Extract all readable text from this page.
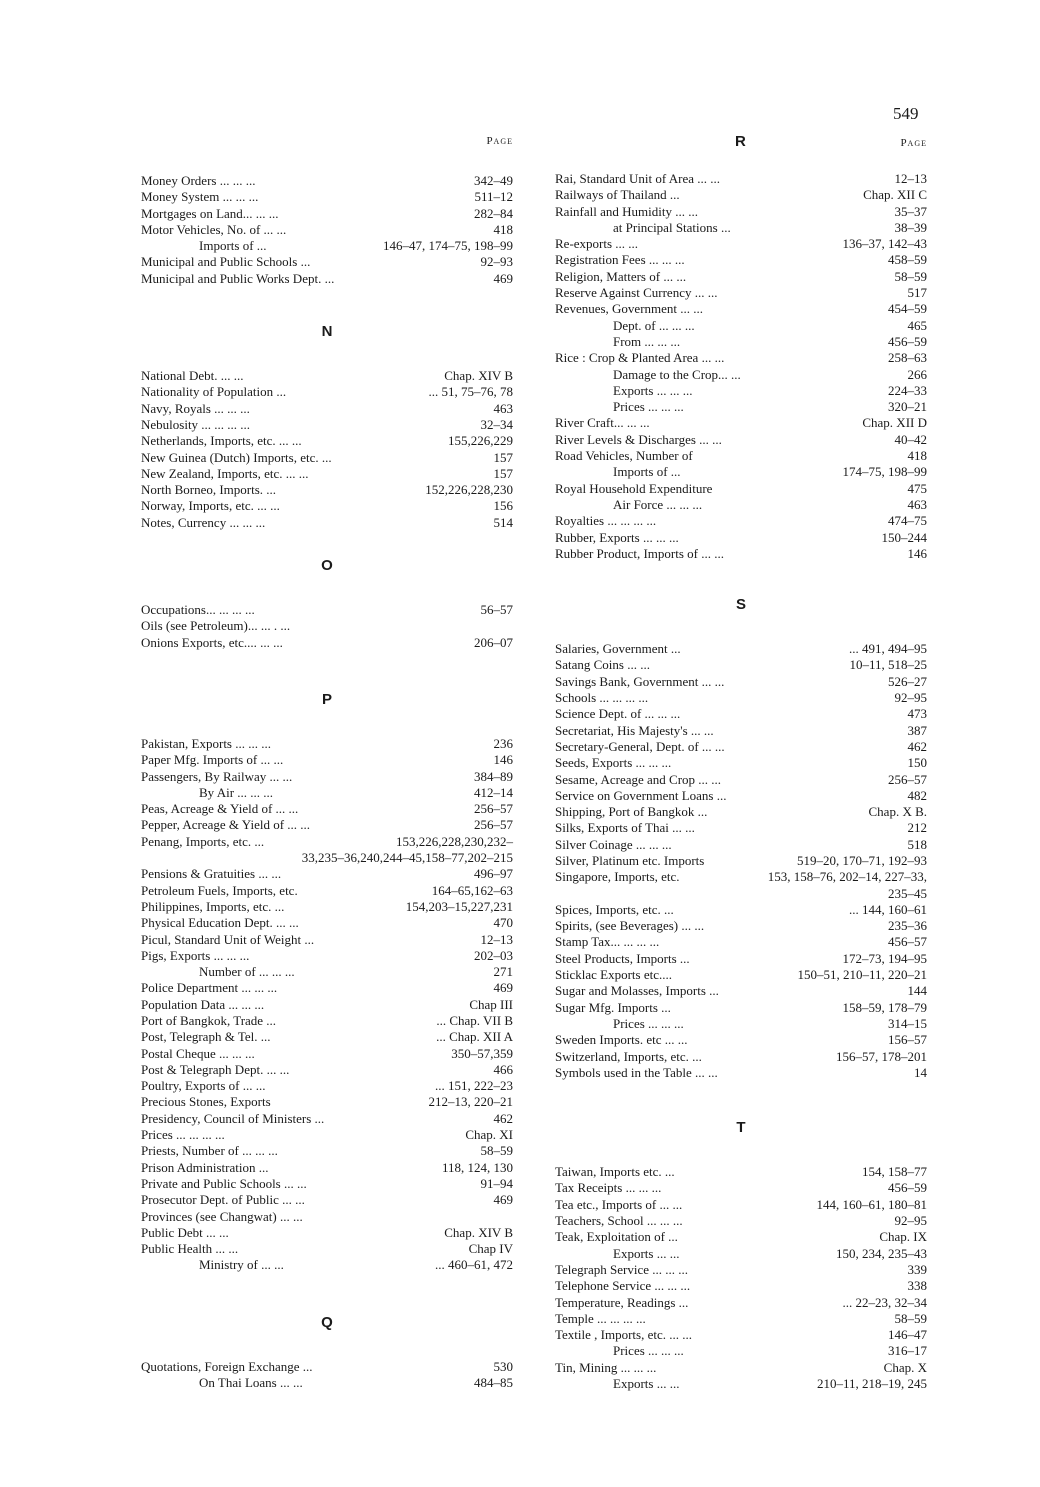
549
Page
Money Orders ... ... ...	342–49
Money System ... ... ...	511–12
Mortgages on Land... ... ...	282–84
Motor Vehicles, No. of ... ...	418
Imports of ...	146–47, 174–75, 198–99
Municipal and Public Schools ...	92–93
Municipal and Public Works Dept. ...	469
N
National Debt. ... ...	Chap. XIV B
Nationality of Population ...	... 51, 75–76, 78
Navy, Royals ... ... ...	463
Nebulosity ... ... ... ...	32–34
Netherlands, Imports, etc. ... ...	155,226,229
New Guinea (Dutch) Imports, etc. ...	157
New Zealand, Imports, etc. ... ...	157
North Borneo, Imports. ...	152,226,228,230
Norway, Imports, etc. ... ...	156
Notes, Currency ... ... ...	514
O
Occupations... ... ... ...	56–57
Oils (see Petroleum)... ... . ...
Onions Exports, etc.... ... ...	206–07
P
Pakistan, Exports ... ... ...	236
Paper Mfg. Imports of ... ...	146
Passengers, By Railway ... ...	384–89
By Air ... ... ...	412–14
Peas, Acreage & Yield of ... ...	256–57
Pepper, Acreage & Yield of ... ...	256–57
Penang, Imports, etc. ...	153,226,228,230,232–
33,235–36,240,244–45,158–77,202–215
Pensions & Gratuities ... ...	496–97
Petroleum Fuels, Imports, etc.	164–65,162–63
Philippines, Imports, etc. ...	154,203–15,227,231
Physical Education Dept. ... ...	470
Picul, Standard Unit of Weight ...	12–13
Pigs, Exports ... ... ...	202–03
Number of ... ... ...	271
Police Department ... ... ...	469
Population Data ... ... ...	Chap III
Port of Bangkok, Trade ...	... Chap. VII B
Post, Telegraph & Tel. ...	... Chap. XII A
Postal Cheque ... ... ...	350–57,359
Post & Telegraph Dept. ... ...	466
Poultry, Exports of ... ...	... 151, 222–23
Precious Stones, Exports	212–13, 220–21
Presidency, Council of Ministers ...	462
Prices ... ... ... ...	Chap. XI
Priests, Number of ... ... ...	58–59
Prison Administration ...	118, 124, 130
Private and Public Schools ... ...	91–94
Prosecutor Dept. of Public ... ...	469
Provinces (see Changwat) ... ...
Public Debt ... ...	Chap. XIV B
Public Health ... ...	Chap IV
Ministry of ... ...	... 460–61, 472
Q
Quotations, Foreign Exchange ...	530
On Thai Loans ... ...	484–85
R	Page
Rai, Standard Unit of Area ... ...	12–13
Railways of Thailand ...	Chap. XII C
Rainfall and Humidity ... ...	35–37
at Principal Stations ...	38–39
Re-exports ... ...	136–37, 142–43
Registration Fees ... ... ...	458–59
Religion, Matters of ... ...	58–59
Reserve Against Currency ... ...	517
Revenues, Government ... ...	454–59
Dept. of ... ... ...	465
From ... ... ...	456–59
Rice : Crop & Planted Area ... ...	258–63
Damage to the Crop... ...	266
Exports ... ... ...	224–33
Prices ... ... ...	320–21
River Craft... ... ...	Chap. XII D
River Levels & Discharges ... ...	40–42
Road Vehicles, Number of	418
Imports of ...	174–75, 198–99
Royal Household Expenditure	475
Air Force ... ... ...	463
Royalties ... ... ... ...	474–75
Rubber, Exports ... ... ...	150–244
Rubber Product, Imports of ... ...	146
S
Salaries, Government ...	... 491, 494–95
Satang Coins ... ...	10–11, 518–25
Savings Bank, Government ... ...	526–27
Schools ... ... ... ...	92–95
Science Dept. of ... ... ...	473
Secretariat, His Majesty's ... ...	387
Secretary-General, Dept. of ... ...	462
Seeds, Exports ... ... ...	150
Sesame, Acreage and Crop ... ...	256–57
Service on Government Loans ...	482
Shipping, Port of Bangkok ...	Chap. X B.
Silks, Exports of Thai ... ...	212
Silver Coinage ... ... ...	518
Silver, Platinum etc. Imports	519–20, 170–71, 192–93
Singapore, Imports, etc.	153, 158–76, 202–14, 227–33,
235–45
Spices, Imports, etc. ...	... 144, 160–61
Spirits, (see Beverages) ... ...	235–36
Stamp Tax... ... ... ...	456–57
Steel Products, Imports ...	172–73, 194–95
Sticklac Exports etc....	150–51, 210–11, 220–21
Sugar and Molasses, Imports ...	144
Sugar Mfg. Imports ...	158–59, 178–79
Prices ... ... ...	314–15
Sweden Imports. etc ... ...	156–57
Switzerland, Imports, etc. ...	156–57, 178–201
Symbols used in the Table ... ...	14
T
Taiwan, Imports etc. ...	154, 158–77
Tax Receipts ... ... ...	456–59
Tea etc., Imports of ... ...	144, 160–61, 180–81
Teachers, School ... ... ...	92–95
Teak, Exploitation of ...	Chap. IX
Exports ... ...	150, 234, 235–43
Telegraph Service ... ... ...	339
Telephone Service ... ... ...	338
Temperature, Readings ...	... 22–23, 32–34
Temple ... ... ... ...	58–59
Textile , Imports, etc. ... ...	146–47
Prices ... ... ...	316–17
Tin, Mining ... ... ...	Chap. X
Exports ... ...	210–11, 218–19, 245
